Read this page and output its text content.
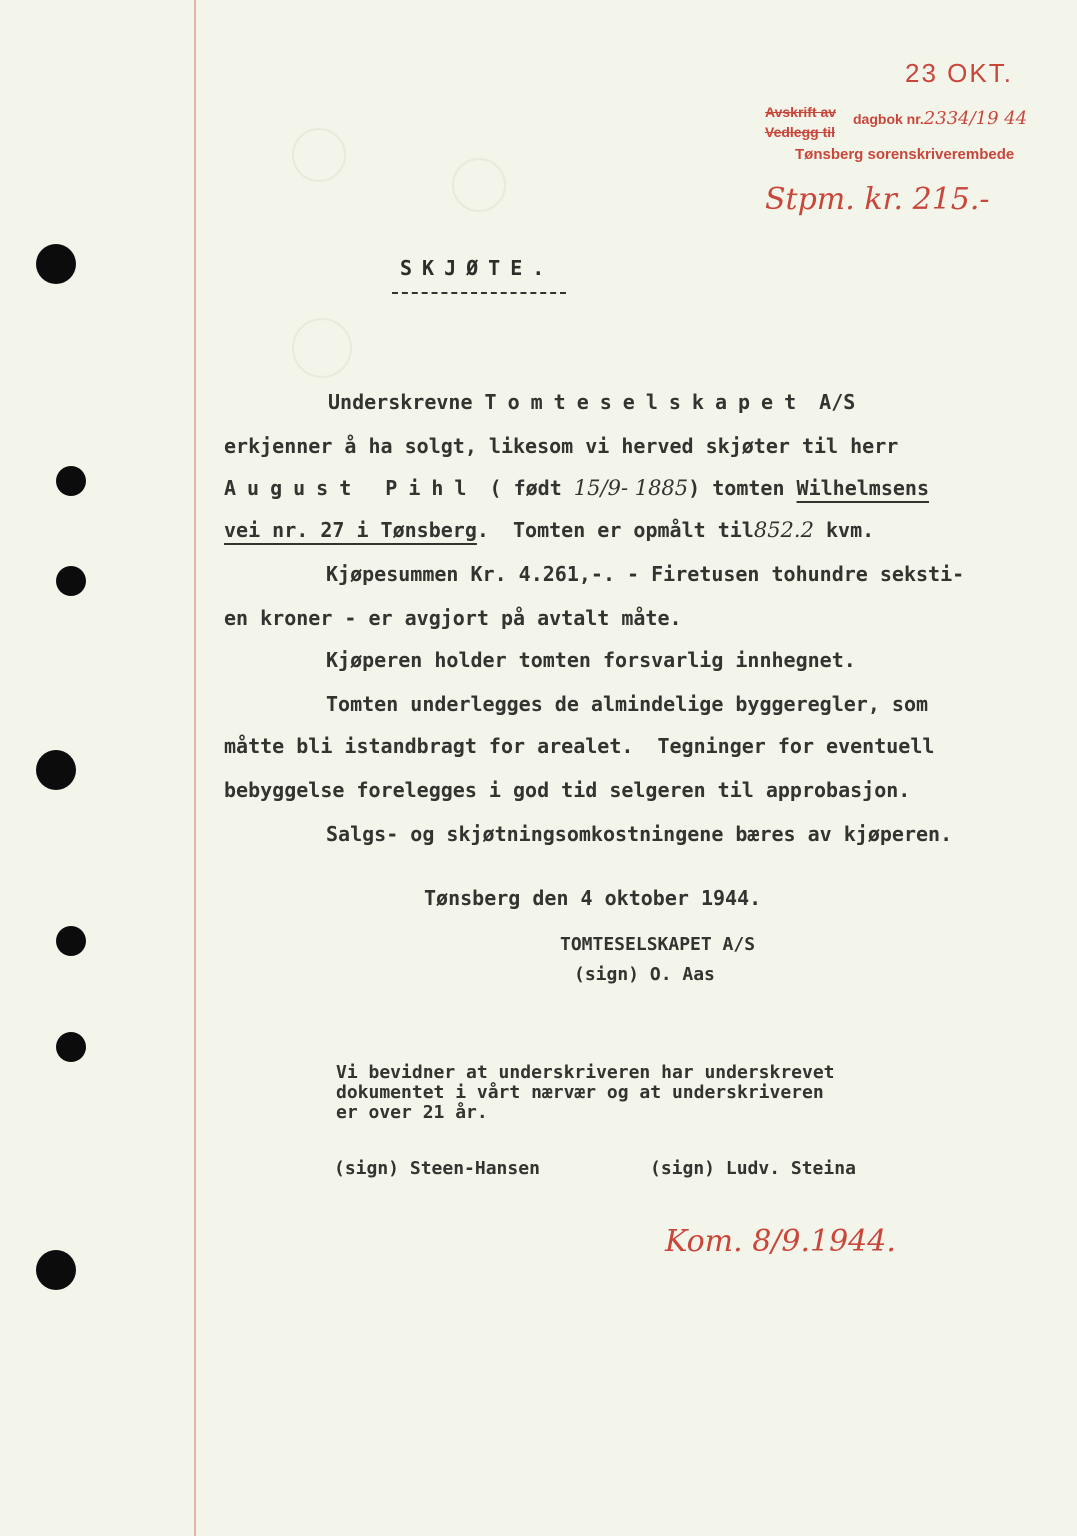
23 OKT.
Avskrift av
Vedlegg til
dagbok nr.2334/19 44
Tønsberg sorenskriverembede
Stpm. kr. 215.-
SKJØTE.
Underskrevne Tomteselskapet A/S
erkjenner å ha solgt, likesom vi herved skjøter til herr
August Pihl ( født 15/9- 1885) tomten Wilhelmsens
vei nr. 27 i Tønsberg.  Tomten er opmålt til852.2 kvm.
Kjøpesummen Kr. 4.261,-. - Firetusen tohundre seksti-
en kroner - er avgjort på avtalt måte.
Kjøperen holder tomten forsvarlig innhegnet.
Tomten underlegges de almindelige byggeregler, som
måtte bli istandbragt for arealet.  Tegninger for eventuell
bebyggelse forelegges i god tid selgeren til approbasjon.
Salgs- og skjøtningsomkostningene bæres av kjøperen.
Tønsberg den 4 oktober 1944.
TOMTESELSKAPET A/S
(sign) O. Aas
Vi bevidner at underskriveren har underskrevet
dokumentet i vårt nærvær og at underskriveren
er over 21 år.
(sign) Steen-Hansen	(sign) Ludv. Steina
Kom. 8/9.1944.
